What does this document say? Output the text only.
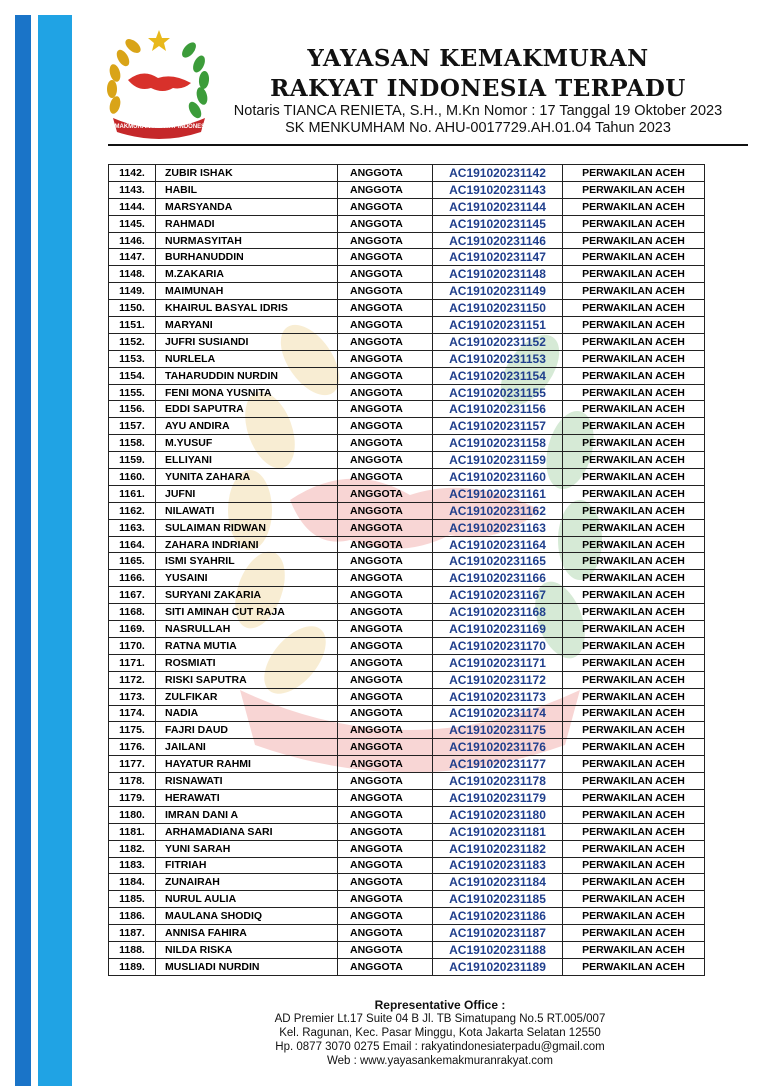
YAYASAN KEMAKMURAN RAKYAT INDONESIA TERPADU
YAYASAN KEMAKMURAN
RAKYAT INDONESIA TERPADU
Notaris TIANCA RENIETA, S.H., M.Kn Nomor : 17 Tanggal 19 Oktober 2023
SK MENKUMHAM No. AHU-0017729.AH.01.04 Tahun 2023
1142.	ZUBIR ISHAK	ANGGOTA	AC191020231142	PERWAKILAN ACEH
1143.	HABIL	ANGGOTA	AC191020231143	PERWAKILAN ACEH
1144.	MARSYANDA	ANGGOTA	AC191020231144	PERWAKILAN ACEH
1145.	RAHMADI	ANGGOTA	AC191020231145	PERWAKILAN ACEH
1146.	NURMASYITAH	ANGGOTA	AC191020231146	PERWAKILAN ACEH
1147.	BURHANUDDIN	ANGGOTA	AC191020231147	PERWAKILAN ACEH
1148.	M.ZAKARIA	ANGGOTA	AC191020231148	PERWAKILAN ACEH
1149.	MAIMUNAH	ANGGOTA	AC191020231149	PERWAKILAN ACEH
1150.	KHAIRUL BASYAL IDRIS	ANGGOTA	AC191020231150	PERWAKILAN ACEH
1151.	MARYANI	ANGGOTA	AC191020231151	PERWAKILAN ACEH
1152.	JUFRI SUSIANDI	ANGGOTA	AC191020231152	PERWAKILAN ACEH
1153.	NURLELA	ANGGOTA	AC191020231153	PERWAKILAN ACEH
1154.	TAHARUDDIN NURDIN	ANGGOTA	AC191020231154	PERWAKILAN ACEH
1155.	FENI MONA YUSNITA	ANGGOTA	AC191020231155	PERWAKILAN ACEH
1156.	EDDI SAPUTRA	ANGGOTA	AC191020231156	PERWAKILAN ACEH
1157.	AYU ANDIRA	ANGGOTA	AC191020231157	PERWAKILAN ACEH
1158.	M.YUSUF	ANGGOTA	AC191020231158	PERWAKILAN ACEH
1159.	ELLIYANI	ANGGOTA	AC191020231159	PERWAKILAN ACEH
1160.	YUNITA ZAHARA	ANGGOTA	AC191020231160	PERWAKILAN ACEH
1161.	JUFNI	ANGGOTA	AC191020231161	PERWAKILAN ACEH
1162.	NILAWATI	ANGGOTA	AC191020231162	PERWAKILAN ACEH
1163.	SULAIMAN RIDWAN	ANGGOTA	AC191020231163	PERWAKILAN ACEH
1164.	ZAHARA INDRIANI	ANGGOTA	AC191020231164	PERWAKILAN ACEH
1165.	ISMI SYAHRIL	ANGGOTA	AC191020231165	PERWAKILAN ACEH
1166.	YUSAINI	ANGGOTA	AC191020231166	PERWAKILAN ACEH
1167.	SURYANI ZAKARIA	ANGGOTA	AC191020231167	PERWAKILAN ACEH
1168.	SITI AMINAH CUT RAJA	ANGGOTA	AC191020231168	PERWAKILAN ACEH
1169.	NASRULLAH	ANGGOTA	AC191020231169	PERWAKILAN ACEH
1170.	RATNA MUTIA	ANGGOTA	AC191020231170	PERWAKILAN ACEH
1171.	ROSMIATI	ANGGOTA	AC191020231171	PERWAKILAN ACEH
1172.	RISKI SAPUTRA	ANGGOTA	AC191020231172	PERWAKILAN ACEH
1173.	ZULFIKAR	ANGGOTA	AC191020231173	PERWAKILAN ACEH
1174.	NADIA	ANGGOTA	AC191020231174	PERWAKILAN ACEH
1175.	FAJRI DAUD	ANGGOTA	AC191020231175	PERWAKILAN ACEH
1176.	JAILANI	ANGGOTA	AC191020231176	PERWAKILAN ACEH
1177.	HAYATUR RAHMI	ANGGOTA	AC191020231177	PERWAKILAN ACEH
1178.	RISNAWATI	ANGGOTA	AC191020231178	PERWAKILAN ACEH
1179.	HERAWATI	ANGGOTA	AC191020231179	PERWAKILAN ACEH
1180.	IMRAN DANI A	ANGGOTA	AC191020231180	PERWAKILAN ACEH
1181.	ARHAMADIANA SARI	ANGGOTA	AC191020231181	PERWAKILAN ACEH
1182.	YUNI SARAH	ANGGOTA	AC191020231182	PERWAKILAN ACEH
1183.	FITRIAH	ANGGOTA	AC191020231183	PERWAKILAN ACEH
1184.	ZUNAIRAH	ANGGOTA	AC191020231184	PERWAKILAN ACEH
1185.	NURUL AULIA	ANGGOTA	AC191020231185	PERWAKILAN ACEH
1186.	MAULANA SHODIQ	ANGGOTA	AC191020231186	PERWAKILAN ACEH
1187.	ANNISA FAHIRA	ANGGOTA	AC191020231187	PERWAKILAN ACEH
1188.	NILDA RISKA	ANGGOTA	AC191020231188	PERWAKILAN ACEH
1189.	MUSLIADI NURDIN	ANGGOTA	AC191020231189	PERWAKILAN ACEH
Representative Office :
AD Premier Lt.17 Suite 04 B Jl. TB Simatupang No.5 RT.005/007
Kel. Ragunan, Kec. Pasar Minggu, Kota Jakarta Selatan 12550
Hp. 0877 3070 0275 Email : rakyatindonesiaterpadu@gmail.com
Web : www.yayasankemakmuranrakyat.com
